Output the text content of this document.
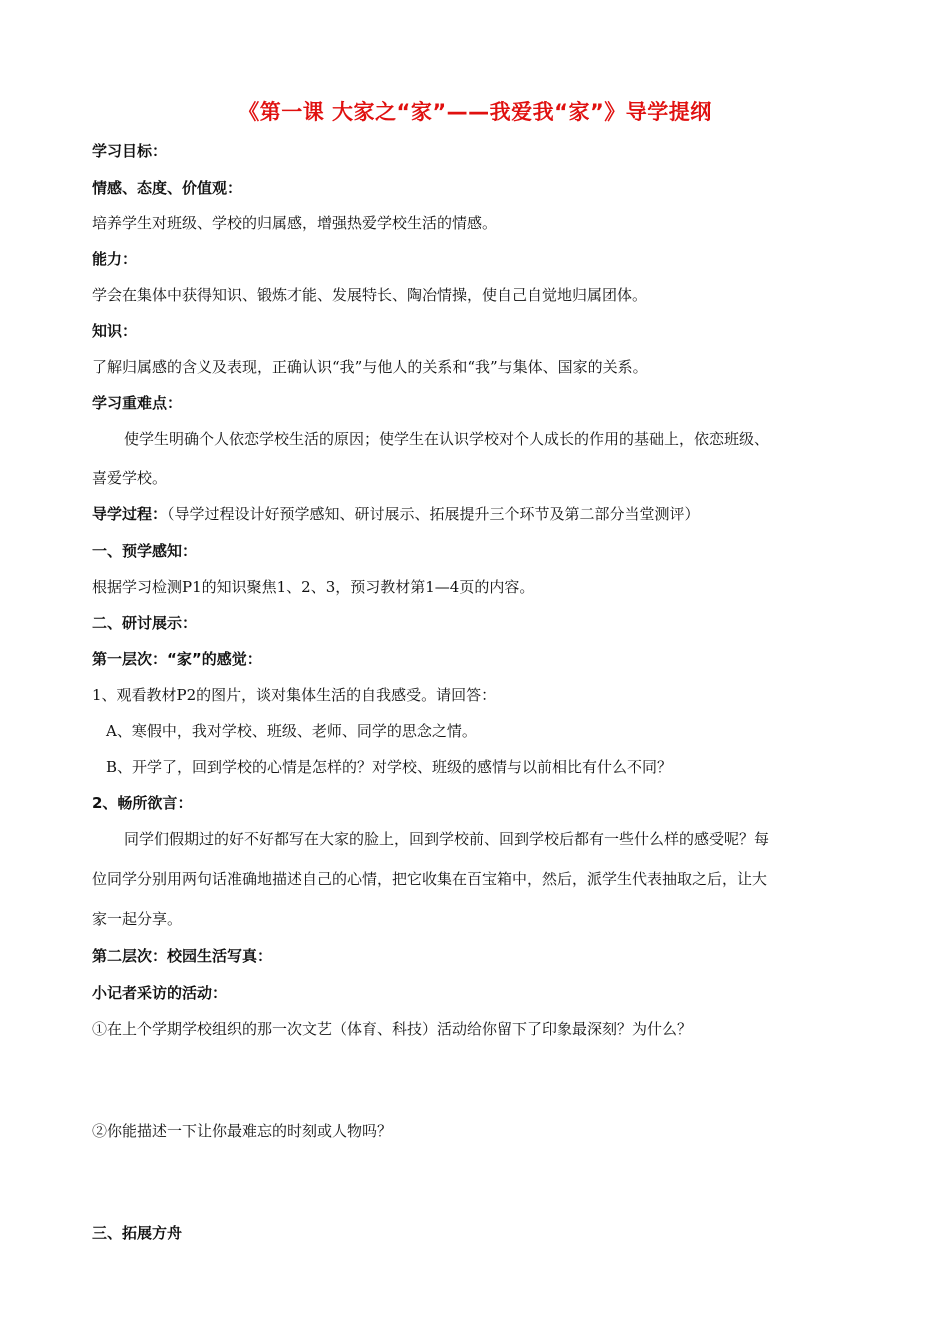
《第一课 大家之“家”——我爱我“家”》导学提纲
学习目标：
情感、态度、价值观：
培养学生对班级、学校的归属感，增强热爱学校生活的情感。
能力：
学会在集体中获得知识、锻炼才能、发展特长、陶冶情操，使自己自觉地归属团体。
知识：
了解归属感的含义及表现，正确认识“我”与他人的关系和“我”与集体、国家的关系。
学习重难点：
使学生明确个人依恋学校生活的原因；使学生在认识学校对个人成长的作用的基础上，依恋班级、
喜爱学校。
导学过程：（导学过程设计好预学感知、研讨展示、拓展提升三个环节及第二部分当堂测评）
一、预学感知：
根据学习检测P1的知识聚焦1、2、3，预习教材第1—4页的内容。
二、研讨展示：
第一层次：“家”的感觉：
1、观看教材P2的图片，谈对集体生活的自我感受。请回答：
A、寒假中，我对学校、班级、老师、同学的思念之情。
B、开学了，回到学校的心情是怎样的？对学校、班级的感情与以前相比有什么不同？
2、畅所欲言：
同学们假期过的好不好都写在大家的脸上，回到学校前、回到学校后都有一些什么样的感受呢？每
位同学分别用两句话准确地描述自己的心情，把它收集在百宝箱中，然后，派学生代表抽取之后，让大
家一起分享。
第二层次：校园生活写真：
小记者采访的活动：
①在上个学期学校组织的那一次文艺（体育、科技）活动给你留下了印象最深刻？为什么？
②你能描述一下让你最难忘的时刻或人物吗？
三、拓展方舟
